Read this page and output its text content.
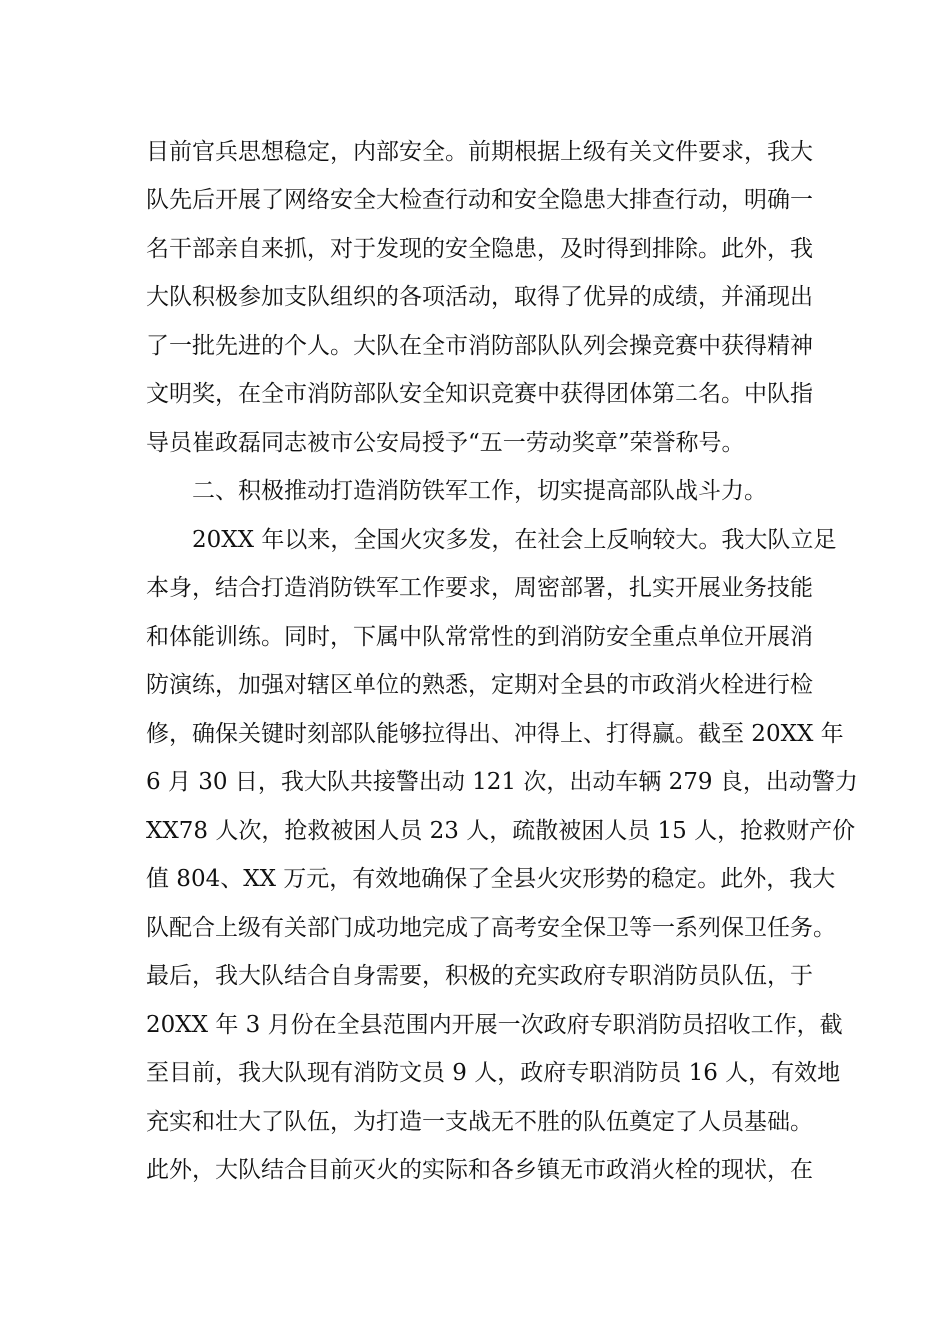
目前官兵思想稳定，内部安全。前期根据上级有关文件要求，我大
队先后开展了网络安全大检查行动和安全隐患大排查行动，明确一
名干部亲自来抓，对于发现的安全隐患，及时得到排除。此外，我
大队积极参加支队组织的各项活动，取得了优异的成绩，并涌现出
了一批先进的个人。大队在全市消防部队队列会操竞赛中获得精神
文明奖，在全市消防部队安全知识竞赛中获得团体第二名。中队指
导员崔政磊同志被市公安局授予“五一劳动奖章”荣誉称号。
二、积极推动打造消防铁军工作，切实提高部队战斗力。
20XX 年以来，全国火灾多发，在社会上反响较大。我大队立足
本身，结合打造消防铁军工作要求，周密部署，扎实开展业务技能
和体能训练。同时，下属中队常常性的到消防安全重点单位开展消
防演练，加强对辖区单位的熟悉，定期对全县的市政消火栓进行检
修，确保关键时刻部队能够拉得出、冲得上、打得赢。截至 20XX 年
6 月 30 日，我大队共接警出动 121 次，出动车辆 279 良，出动警力
XX78 人次，抢救被困人员 23 人，疏散被困人员 15 人，抢救财产价
值 804、XX 万元，有效地确保了全县火灾形势的稳定。此外，我大
队配合上级有关部门成功地完成了高考安全保卫等一系列保卫任务。
最后，我大队结合自身需要，积极的充实政府专职消防员队伍，于
20XX 年 3 月份在全县范围内开展一次政府专职消防员招收工作，截
至目前，我大队现有消防文员 9 人，政府专职消防员 16 人，有效地
充实和壮大了队伍，为打造一支战无不胜的队伍奠定了人员基础。
此外，大队结合目前灭火的实际和各乡镇无市政消火栓的现状，在
